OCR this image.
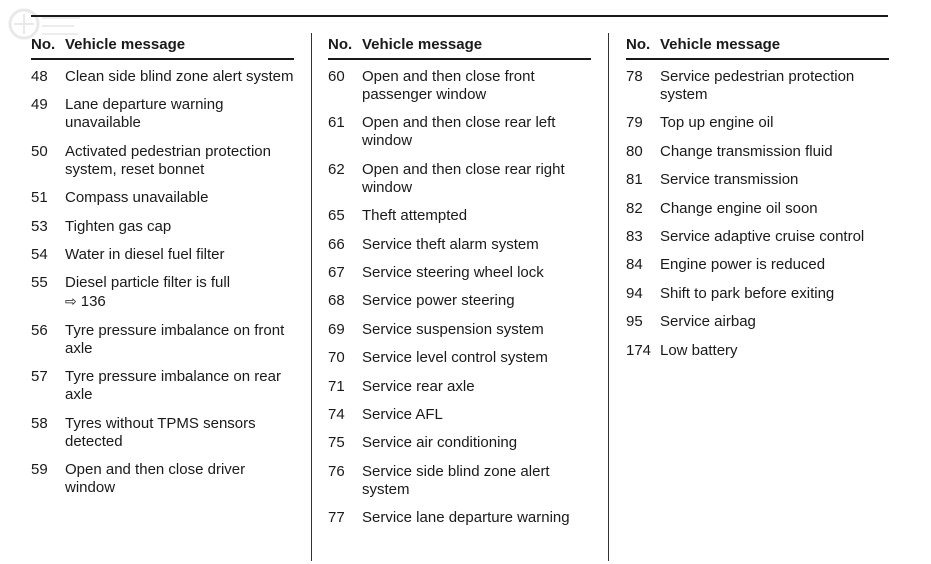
No. Vehicle message
48	Clean side blind zone alert system
49	Lane departure warning unavailable
50	Activated pedestrian protection system, reset bonnet
51	Compass unavailable
53	Tighten gas cap
54	Water in diesel fuel filter
55	Diesel particle filter is full
⇨ 136
56	Tyre pressure imbalance on front axle
57	Tyre pressure imbalance on rear axle
58	Tyres without TPMS sensors detected
59	Open and then close driver window
No. Vehicle message
60	Open and then close front passenger window
61	Open and then close rear left window
62	Open and then close rear right window
65	Theft attempted
66	Service theft alarm system
67	Service steering wheel lock
68	Service power steering
69	Service suspension system
70	Service level control system
71	Service rear axle
74	Service AFL
75	Service air conditioning
76	Service side blind zone alert system
77	Service lane departure warning
No. Vehicle message
78	Service pedestrian protection system
79	Top up engine oil
80	Change transmission fluid
81	Service transmission
82	Change engine oil soon
83	Service adaptive cruise control
84	Engine power is reduced
94	Shift to park before exiting
95	Service airbag
174 Low battery
